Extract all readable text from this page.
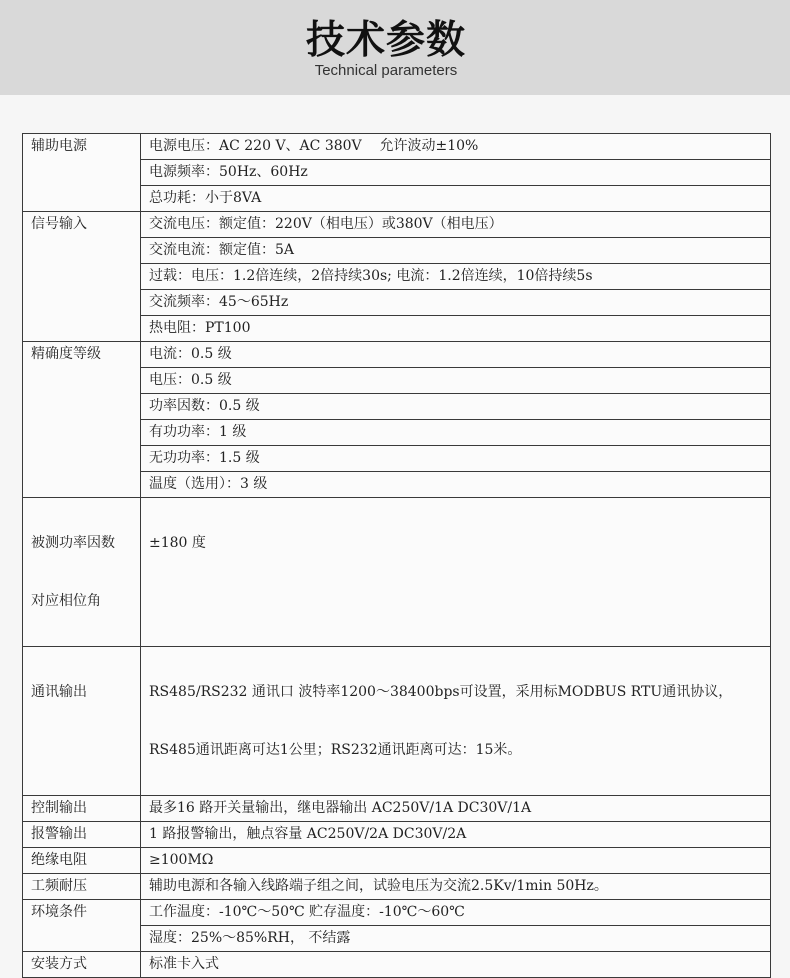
技术参数
Technical parameters
辅助电源	电源电压：AC 220 V、AC 380V    允许波动±10%

	电源频率：50Hz、60Hz

	总功耗：小于8VA

信号输入	交流电压：额定值：220V（相电压）或380V（相电压）

	交流电流：额定值：5A

	过载：电压：1.2倍连续，2倍持续30s; 电流：1.2倍连续，10倍持续5s

	交流频率：45～65Hz

	热电阻：PT100

精确度等级	电流：0.5 级

	电压：0.5 级

	功率因数：0.5 级

	有功功率：1 级

	无功功率：1.5 级

	温度（选用）：3 级

被测功率因数

对应相位角	±180 度

通讯输出	RS485/RS232 通讯口 波特率1200～38400bps可设置，采用标MODBUS RTU通讯协议，

RS485通讯距离可达1公里；RS232通讯距离可达：15米。

控制输出	最多16 路开关量输出，继电器输出 AC250V/1A DC30V/1A

报警输出	1 路报警输出，触点容量 AC250V/2A DC30V/2A

绝缘电阻	≥100MΩ

工频耐压	辅助电源和各输入线路端子组之间，试验电压为交流2.5Kv/1min 50Hz。

环境条件	工作温度：-10℃～50℃ 贮存温度：-10℃～60℃

	湿度：25%～85%RH， 不结露

安装方式	标准卡入式
